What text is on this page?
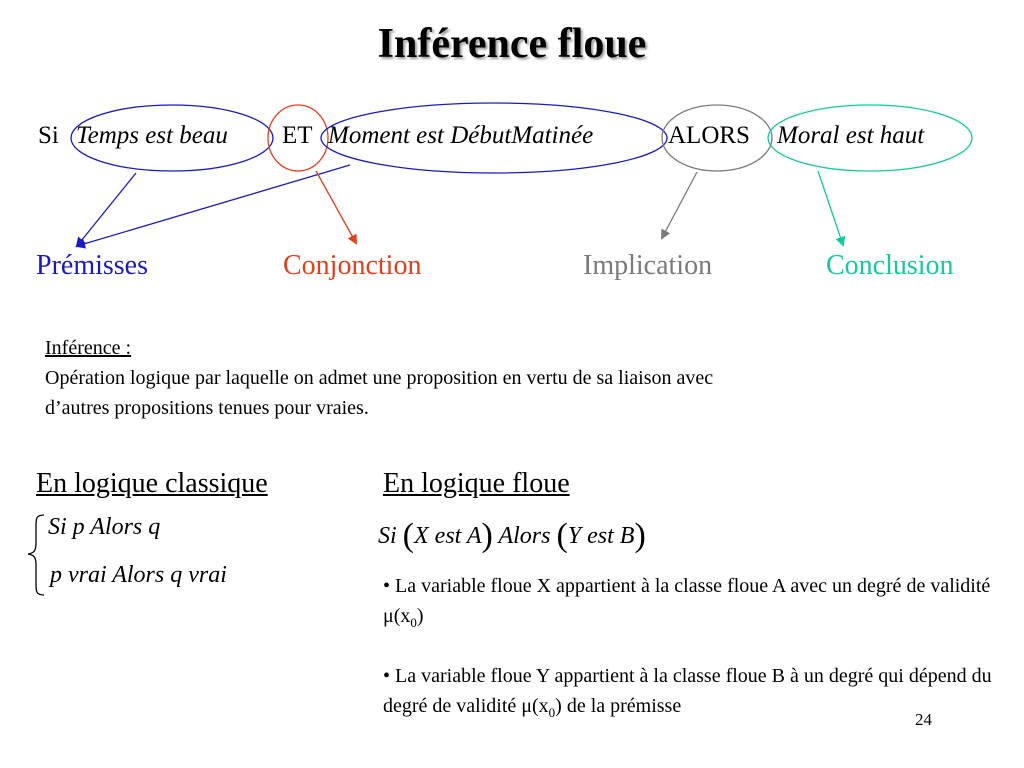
Inférence floue
Si Temps est beau ET Moment est DébutMatinée	ALORS Moral est haut
Prémisses	Conjonction	Implication	Conclusion
Inférence :
Opération logique par laquelle on admet une proposition en vertu de sa liaison avec
d’autres propositions tenues pour vraies.
En logique classique
Si p Alors q
p vrai Alors q vrai
En logique floue
Si (X est A) Alors (Y est B)
• La variable floue X appartient à la classe floue A avec un degré de validité $\mu(x_0)$
• La variable floue Y appartient à la classe floue B à un degré qui dépend du degré de validité $\mu(x_0)$ de la prémisse
24
